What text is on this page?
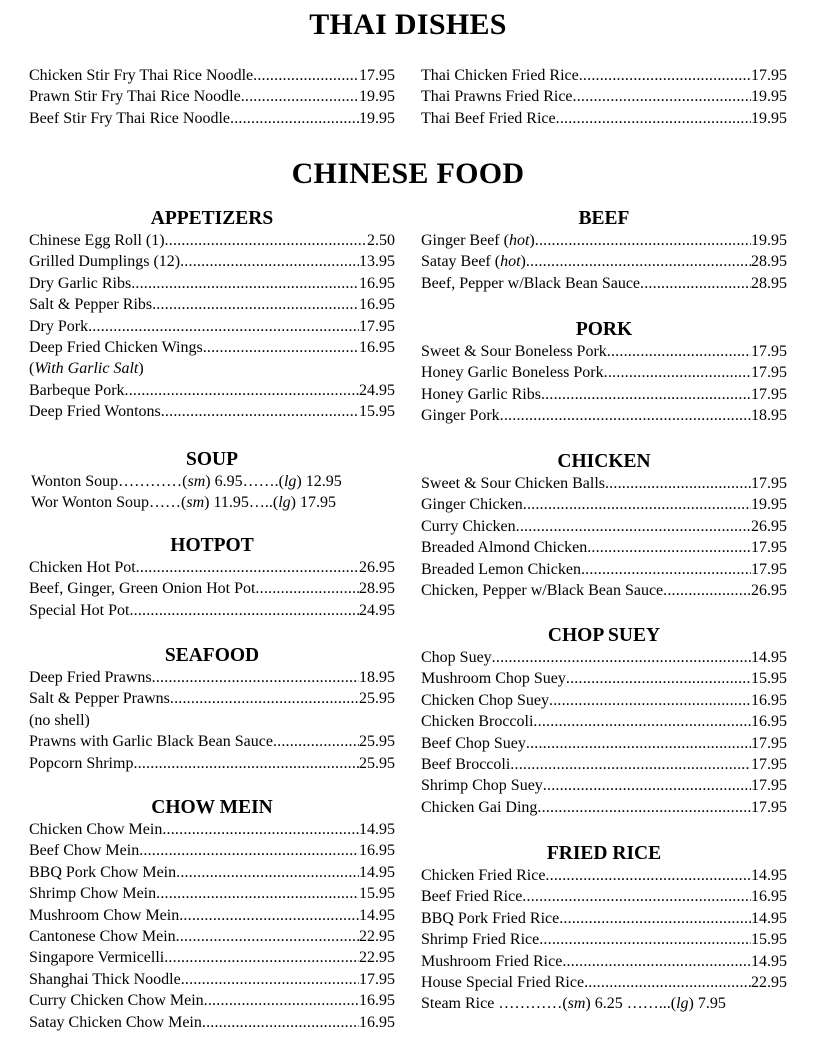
THAI DISHES
Chicken Stir Fry Thai Rice Noodle .....	17.95
Prawn Stir Fry Thai Rice Noodle .....	19.95
Beef Stir Fry Thai Rice Noodle .....	19.95
Thai Chicken Fried Rice .....	17.95
Thai Prawns Fried Rice .....	19.95
Thai Beef Fried Rice .....	19.95
CHINESE FOOD
APPETIZERS
Chinese Egg Roll (1) .....	2.50
Grilled Dumplings (12) .....	13.95
Dry Garlic Ribs .....	16.95
Salt & Pepper Ribs .....	16.95
Dry Pork .....	17.95
Deep Fried Chicken Wings .....	16.95
(With Garlic Salt)
Barbeque Pork .....	24.95
Deep Fried Wontons .....	15.95
SOUP
Wonton Soup…………(sm) 6.95…….(lg) 12.95
Wor Wonton Soup……(sm) 11.95…..(lg) 17.95
HOTPOT
Chicken Hot Pot .....	26.95
Beef, Ginger, Green Onion Hot Pot .....	28.95
Special Hot Pot .....	24.95
SEAFOOD
Deep Fried Prawns .....	18.95
Salt & Pepper Prawns .....	25.95
(no shell)
Prawns with Garlic Black Bean Sauce .....	25.95
Popcorn Shrimp .....	25.95
CHOW MEIN
Chicken Chow Mein .....	14.95
Beef Chow Mein .....	16.95
BBQ Pork Chow Mein .....	14.95
Shrimp Chow Mein .....	15.95
Mushroom Chow Mein .....	14.95
Cantonese Chow Mein .....	22.95
Singapore Vermicelli .....	22.95
Shanghai Thick Noodle .....	17.95
Curry Chicken Chow Mein .....	16.95
Satay Chicken Chow Mein .....	16.95
BEEF
Ginger Beef (hot) .....	19.95
Satay Beef (hot) .....	28.95
Beef, Pepper w/Black Bean Sauce .....	28.95
PORK
Sweet & Sour Boneless Pork .....	17.95
Honey Garlic Boneless Pork .....	17.95
Honey Garlic Ribs .....	17.95
Ginger Pork .....	18.95
CHICKEN
Sweet & Sour Chicken Balls .....	17.95
Ginger Chicken .....	19.95
Curry Chicken .....	26.95
Breaded Almond Chicken .....	17.95
Breaded Lemon Chicken .....	17.95
Chicken, Pepper w/Black Bean Sauce .....	26.95
CHOP SUEY
Chop Suey .....	14.95
Mushroom Chop Suey .....	15.95
Chicken Chop Suey .....	16.95
Chicken Broccoli .....	16.95
Beef Chop Suey .....	17.95
Beef Broccoli .....	17.95
Shrimp Chop Suey .....	17.95
Chicken Gai Ding .....	17.95
FRIED RICE
Chicken Fried Rice .....	14.95
Beef Fried Rice .....	16.95
BBQ Pork Fried Rice .....	14.95
Shrimp Fried Rice .....	15.95
Mushroom Fried Rice .....	14.95
House Special Fried Rice .....	22.95
Steam Rice …………(sm) 6.25 ……...(lg) 7.95
